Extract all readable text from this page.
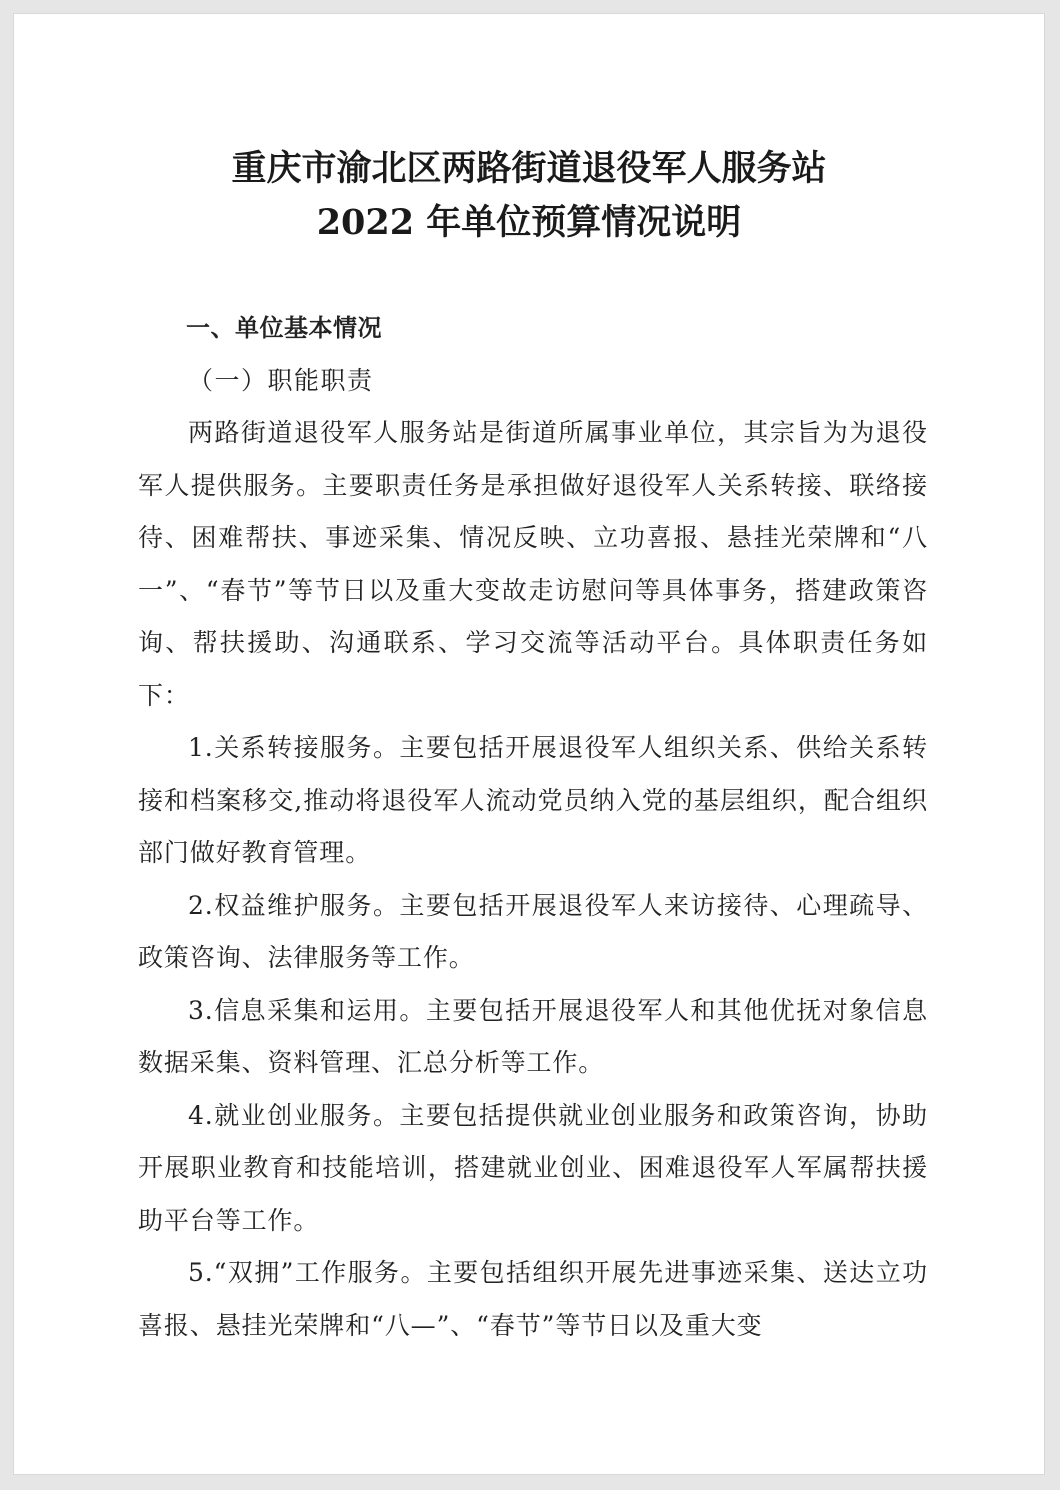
重庆市渝北区两路街道退役军人服务站
2022 年单位预算情况说明

一、单位基本情况

（一）职能职责

两路街道退役军人服务站是街道所属事业单位，其宗旨为为退役军人提供服务。主要职责任务是承担做好退役军人关系转接、联络接待、困难帮扶、事迹采集、情况反映、立功喜报、悬挂光荣牌和“八一”、“春节”等节日以及重大变故走访慰问等具体事务，搭建政策咨询、帮扶援助、沟通联系、学习交流等活动平台。具体职责任务如下：

1.关系转接服务。主要包括开展退役军人组织关系、供给关系转接和档案移交,推动将退役军人流动党员纳入党的基层组织，配合组织部门做好教育管理。

2.权益维护服务。主要包括开展退役军人来访接待、心理疏导、政策咨询、法律服务等工作。

3.信息采集和运用。主要包括开展退役军人和其他优抚对象信息数据采集、资料管理、汇总分析等工作。

4.就业创业服务。主要包括提供就业创业服务和政策咨询，协助开展职业教育和技能培训，搭建就业创业、困难退役军人军属帮扶援助平台等工作。

5.“双拥”工作服务。主要包括组织开展先进事迹采集、送达立功喜报、悬挂光荣牌和“八—”、“春节”等节日以及重大变
